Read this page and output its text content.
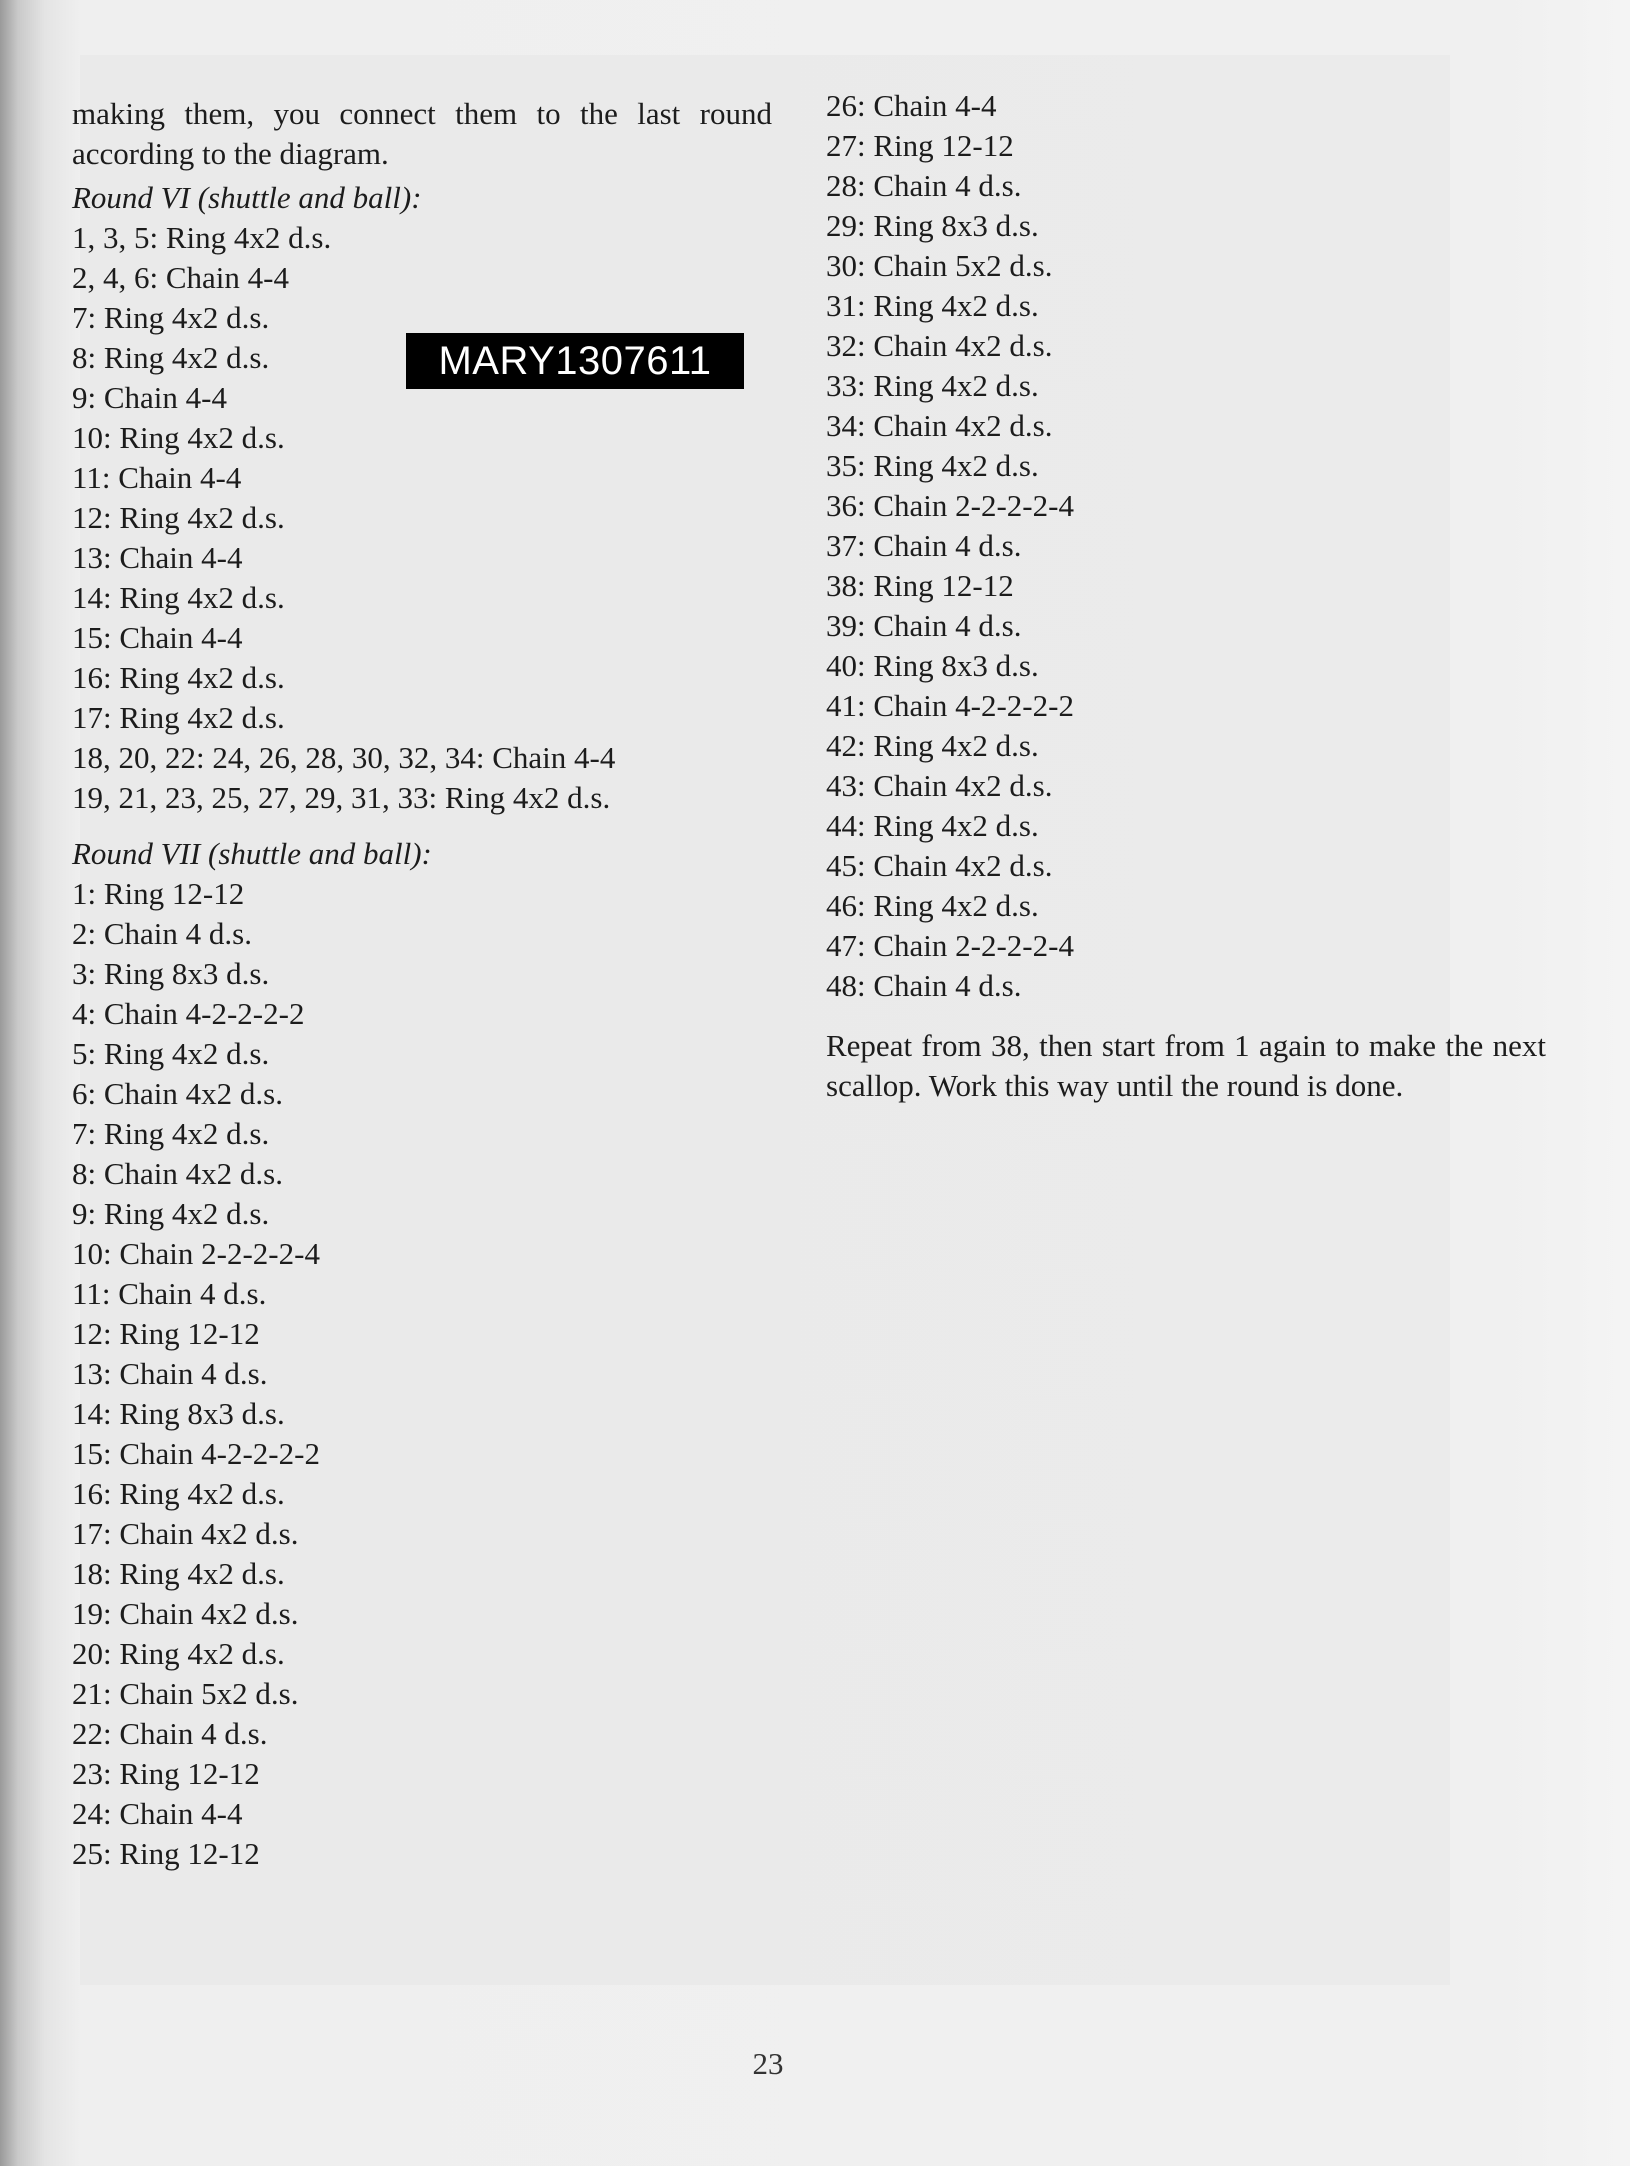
making them, you connect them to the last round according to the diagram.

Round VI (shuttle and ball):

1, 3, 5: Ring 4x2 d.s.

2, 4, 6: Chain 4-4

7: Ring 4x2 d.s.

8: Ring 4x2 d.s.

9: Chain 4-4

10: Ring 4x2 d.s.

11: Chain 4-4

12: Ring 4x2 d.s.

13: Chain 4-4

14: Ring 4x2 d.s.

15: Chain 4-4

16: Ring 4x2 d.s.

17: Ring 4x2 d.s.

18, 20, 22: 24, 26, 28, 30, 32, 34: Chain 4-4

19, 21, 23, 25, 27, 29, 31, 33: Ring 4x2 d.s.

Round VII (shuttle and ball):

1: Ring 12-12

2: Chain 4 d.s.

3: Ring 8x3 d.s.

4: Chain 4-2-2-2-2

5: Ring 4x2 d.s.

6: Chain 4x2 d.s.

7: Ring 4x2 d.s.

8: Chain 4x2 d.s.

9: Ring 4x2 d.s.

10: Chain 2-2-2-2-4

11: Chain 4 d.s.

12: Ring 12-12

13: Chain 4 d.s.

14: Ring 8x3 d.s.

15: Chain 4-2-2-2-2

16: Ring 4x2 d.s.

17: Chain 4x2 d.s.

18: Ring 4x2 d.s.

19: Chain 4x2 d.s.

20: Ring 4x2 d.s.

21: Chain 5x2 d.s.

22: Chain 4 d.s.

23: Ring 12-12

24: Chain 4-4

25: Ring 12-12

26: Chain 4-4

27: Ring 12-12

28: Chain 4 d.s.

29: Ring 8x3 d.s.

30: Chain 5x2 d.s.

31: Ring 4x2 d.s.

32: Chain 4x2 d.s.

33: Ring 4x2 d.s.

34: Chain 4x2 d.s.

35: Ring 4x2 d.s.

36: Chain 2-2-2-2-4

37: Chain 4 d.s.

38: Ring 12-12

39: Chain 4 d.s.

40: Ring 8x3 d.s.

41: Chain 4-2-2-2-2

42: Ring 4x2 d.s.

43: Chain 4x2 d.s.

44: Ring 4x2 d.s.

45: Chain 4x2 d.s.

46: Ring 4x2 d.s.

47: Chain 2-2-2-2-4

48: Chain 4 d.s.

Repeat from 38, then start from 1 again to make the next scallop. Work this way until the round is done.

MARY1307611
23
